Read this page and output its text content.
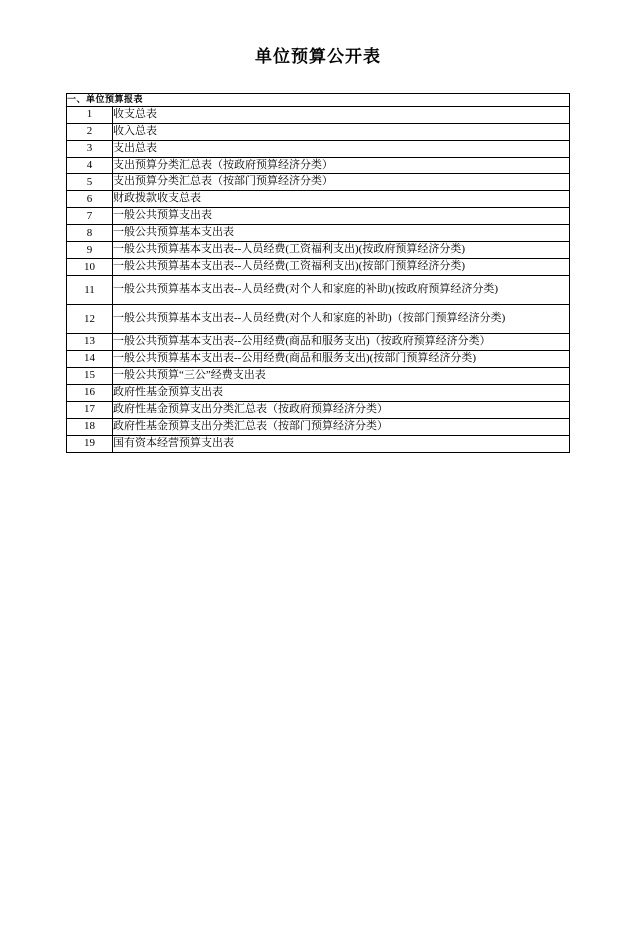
单位预算公开表
一、单位预算报表	
1	收支总表
2	收入总表
3	支出总表
4	支出预算分类汇总表（按政府预算经济分类）
5	支出预算分类汇总表（按部门预算经济分类）
6	财政拨款收支总表
7	一般公共预算支出表
8	一般公共预算基本支出表
9	一般公共预算基本支出表--人员经费(工资福利支出)(按政府预算经济分类)
10	一般公共预算基本支出表--人员经费(工资福利支出)(按部门预算经济分类)
11	一般公共预算基本支出表--人员经费(对个人和家庭的补助)(按政府预算经济分类)
12	一般公共预算基本支出表--人员经费(对个人和家庭的补助)（按部门预算经济分类)
13	一般公共预算基本支出表--公用经费(商品和服务支出)（按政府预算经济分类）
14	一般公共预算基本支出表--公用经费(商品和服务支出)(按部门预算经济分类)
15	一般公共预算“三公”经费支出表
16	政府性基金预算支出表
17	政府性基金预算支出分类汇总表（按政府预算经济分类）
18	政府性基金预算支出分类汇总表（按部门预算经济分类）
19	国有资本经营预算支出表
